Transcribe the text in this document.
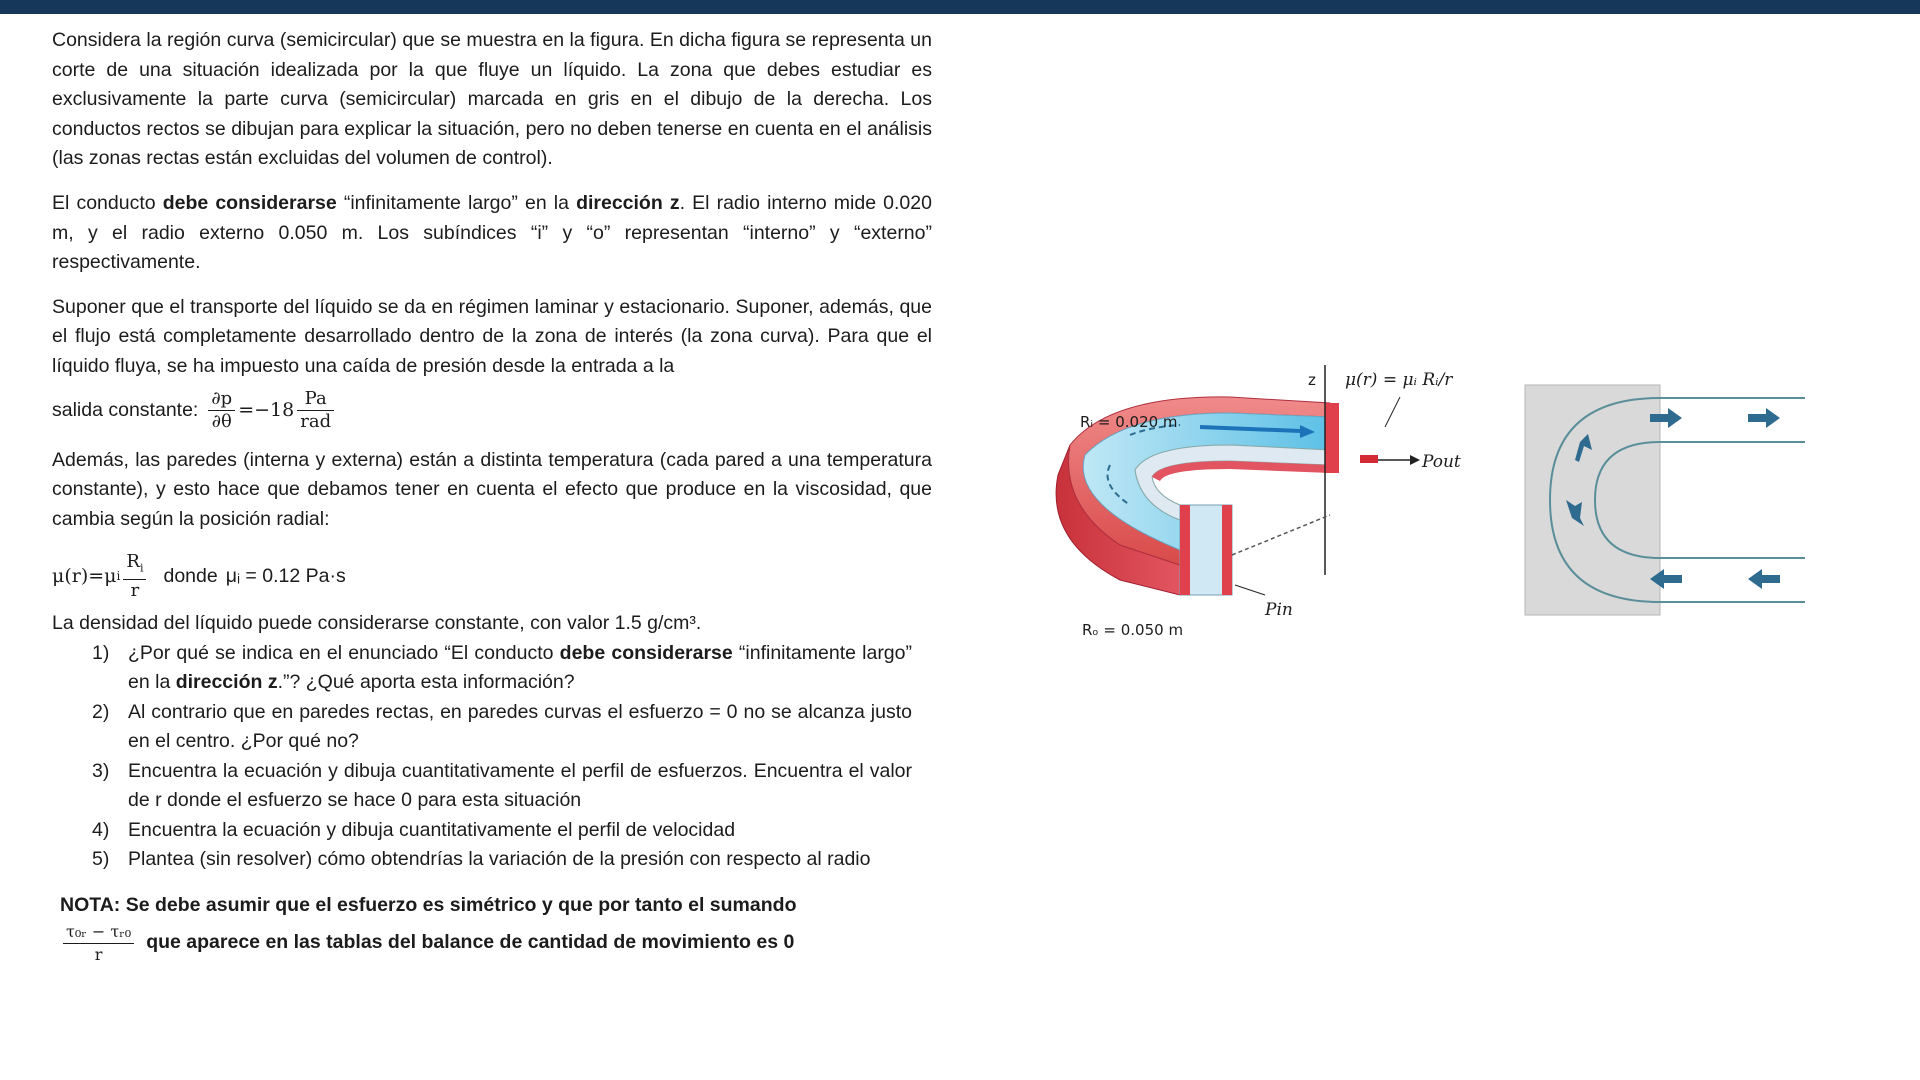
Considera la región curva (semicircular) que se muestra en la figura. En dicha figura se representa un corte de una situación idealizada por la que fluye un líquido. La zona que debes estudiar es exclusivamente la parte curva (semicircular) marcada en gris en el dibujo de la derecha. Los conductos rectos se dibujan para explicar la situación, pero no deben tenerse en cuenta en el análisis (las zonas rectas están excluidas del volumen de control).

El conducto debe considerarse “infinitamente largo” en la dirección z. El radio interno mide 0.020 m, y el radio externo 0.050 m. Los subíndices “i” y “o” representan “interno” y “externo” respectivamente.

Suponer que el transporte del líquido se da en régimen laminar y estacionario. Suponer, además, que el flujo está completamente desarrollado dentro de la zona de interés (la zona curva). Para que el líquido fluya, se ha impuesto una caída de presión desde la entrada a la

salida constante: $\frac{\partial p}{\partial\theta} =-18 \frac{Pa}{\text{rad}}$

Además, las paredes (interna y externa) están a distinta temperatura (cada pared a una temperatura constante), y esto hace que debamos tener en cuenta el efecto que produce en la viscosidad, que cambia según la posición radial:

μ(r)=μ i $\frac{R_i}{r}$ donde μᵢ = 0.12 Pa·s

La densidad del líquido puede considerarse constante, con valor 1.5 g/cm³.

1) ¿Por qué se indica en el enunciado “El conducto debe considerarse “infinitamente largo” en la dirección z.”? ¿Qué aporta esta información?
2) Al contrario que en paredes rectas, en paredes curvas el esfuerzo = 0 no se alcanza justo en el centro. ¿Por qué no?
3) Encuentra la ecuación y dibuja cuantitativamente el perfil de esfuerzos. Encuentra el valor de r donde el esfuerzo se hace 0 para esta situación
4) Encuentra la ecuación y dibuja cuantitativamente el perfil de velocidad
5) Plantea (sin resolver) cómo obtendrías la variación de la presión con respecto al radio
NOTA: Se debe asumir que el esfuerzo es simétrico y que por tanto el sumando
$\frac{\text{τ₀ᵣ − τᵣ₀}}{r}$ que aparece en las tablas del balance de cantidad de movimiento es 0
z μ(r) = μᵢ Rᵢ/r
Rᵢ = 0.020 m
Pout
Pin
Rₒ = 0.050 m
